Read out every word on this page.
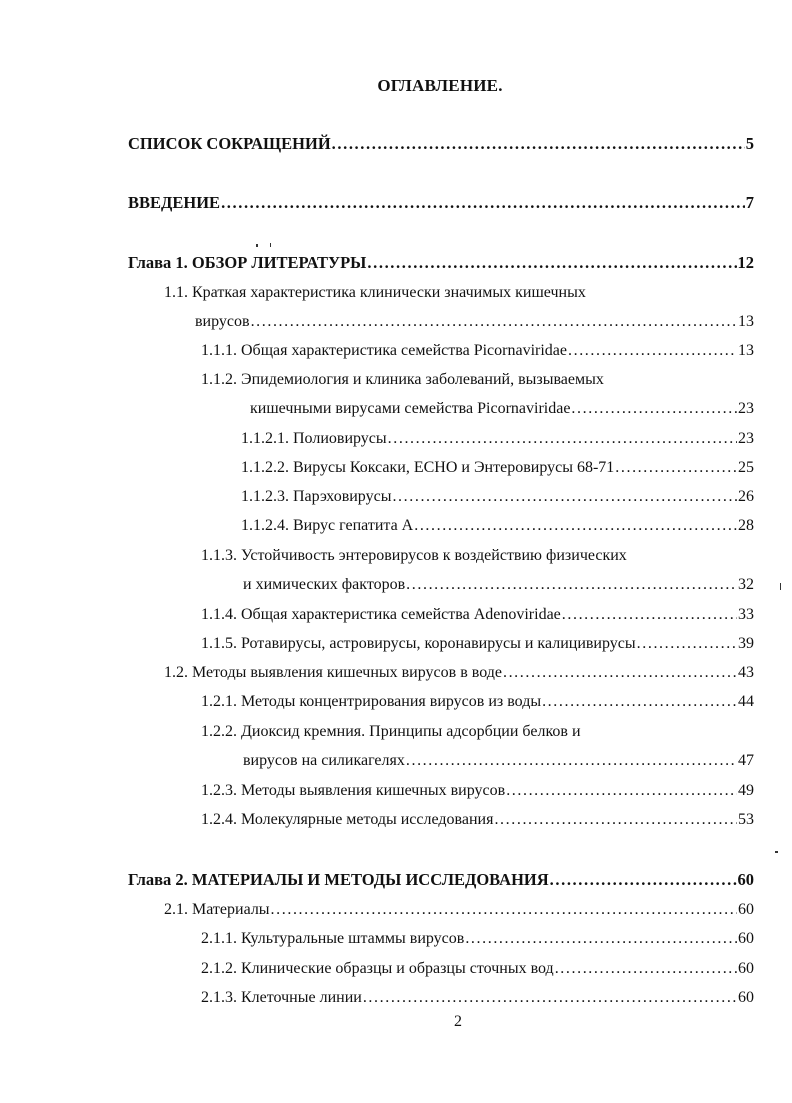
ОГЛАВЛЕНИЕ.
СПИСОК СОКРАЩЕНИЙ .....	5
ВВЕДЕНИЕ .....	7
Глава 1. ОБЗОР ЛИТЕРАТУРЫ .....	12
1.1. Краткая характеристика клинически значимых кишечных
вирусов .....	13
1.1.1. Общая характеристика семейства Picornaviridae .....	13
1.1.2. Эпидемиология и клиника заболеваний, вызываемых
кишечными вирусами семейства Picornaviridae .....	23
1.1.2.1. Полиовирусы .....	23
1.1.2.2. Вирусы Коксаки, ECHO и Энтеровирусы 68-71 .....	25
1.1.2.3. Парэховирусы .....	26
1.1.2.4. Вирус гепатита А .....	28
1.1.3. Устойчивость энтеровирусов к воздействию физических
и химических факторов .....	32
1.1.4. Общая характеристика семейства Adenoviridae .....	33
1.1.5. Ротавирусы, астровирусы, коронавирусы и калицивирусы .....	39
1.2. Методы выявления кишечных вирусов в воде .....	43
1.2.1. Методы концентрирования вирусов из воды .....	44
1.2.2. Диоксид кремния. Принципы адсорбции белков и
вирусов на силикагелях .....	47
1.2.3. Методы выявления кишечных вирусов .....	49
1.2.4. Молекулярные методы исследования .....	53
Глава 2. МАТЕРИАЛЫ И МЕТОДЫ ИССЛЕДОВАНИЯ .....	60
2.1. Материалы .....	60
2.1.1. Культуральные штаммы вирусов .....	60
2.1.2. Клинические образцы и образцы сточных вод .....	60
2.1.3. Клеточные линии .....	60
2
